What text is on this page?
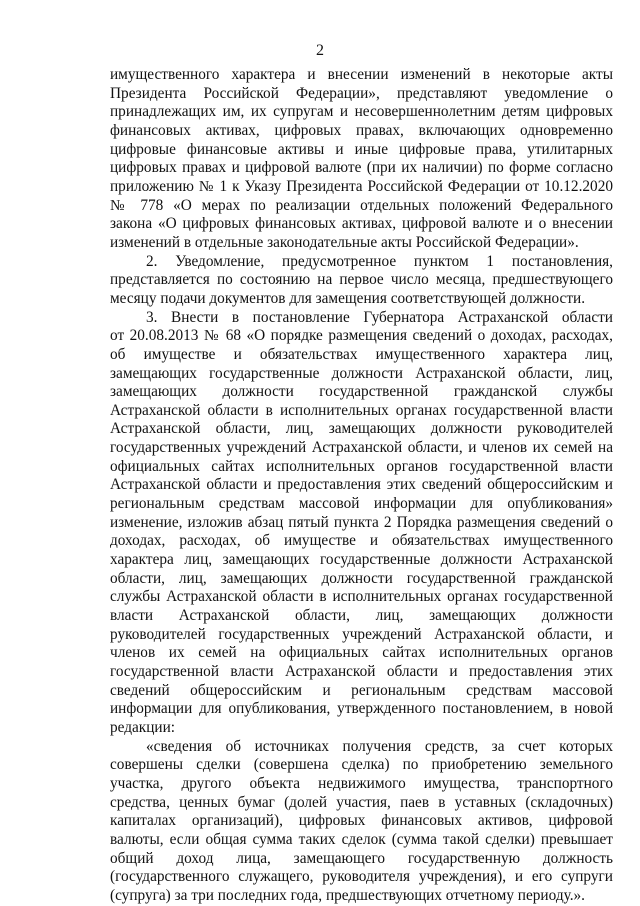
2
имущественного характера и внесении изменений в некоторые акты
Президента Российской Федерации», представляют уведомление о
принадлежащих им, их супругам и несовершеннолетним детям цифровых
финансовых активах, цифровых правах, включающих одновременно
цифровые финансовые активы и иные цифровые права, утилитарных
цифровых правах и цифровой валюте (при их наличии) по форме согласно
приложению № 1 к Указу Президента Российской Федерации от 10.12.2020
№ 778 «О мерах по реализации отдельных положений Федерального
закона «О цифровых финансовых активах, цифровой валюте и о внесении
изменений в отдельные законодательные акты Российской Федерации».
2. Уведомление, предусмотренное пунктом 1 постановления,
представляется по состоянию на первое число месяца, предшествующего
месяцу подачи документов для замещения соответствующей должности.
3. Внести в постановление Губернатора Астраханской области
от 20.08.2013 № 68 «О порядке размещения сведений о доходах, расходах,
об имуществе и обязательствах имущественного характера лиц,
замещающих государственные должности Астраханской области, лиц,
замещающих должности государственной гражданской службы
Астраханской области в исполнительных органах государственной власти
Астраханской области, лиц, замещающих должности руководителей
государственных учреждений Астраханской области, и членов их семей на
официальных сайтах исполнительных органов государственной власти
Астраханской области и предоставления этих сведений общероссийским и
региональным средствам массовой информации для опубликования»
изменение, изложив абзац пятый пункта 2 Порядка размещения сведений о
доходах, расходах, об имуществе и обязательствах имущественного
характера лиц, замещающих государственные должности Астраханской
области, лиц, замещающих должности государственной гражданской
службы Астраханской области в исполнительных органах государственной
власти Астраханской области, лиц, замещающих должности
руководителей государственных учреждений Астраханской области, и
членов их семей на официальных сайтах исполнительных органов
государственной власти Астраханской области и предоставления этих
сведений общероссийским и региональным средствам массовой
информации для опубликования, утвержденного постановлением, в новой
редакции:
«сведения об источниках получения средств, за счет которых
совершены сделки (совершена сделка) по приобретению земельного
участка, другого объекта недвижимого имущества, транспортного
средства, ценных бумаг (долей участия, паев в уставных (складочных)
капиталах организаций), цифровых финансовых активов, цифровой
валюты, если общая сумма таких сделок (сумма такой сделки) превышает
общий доход лица, замещающего государственную должность
(государственного служащего, руководителя учреждения), и его супруги
(супруга) за три последних года, предшествующих отчетному периоду.».
